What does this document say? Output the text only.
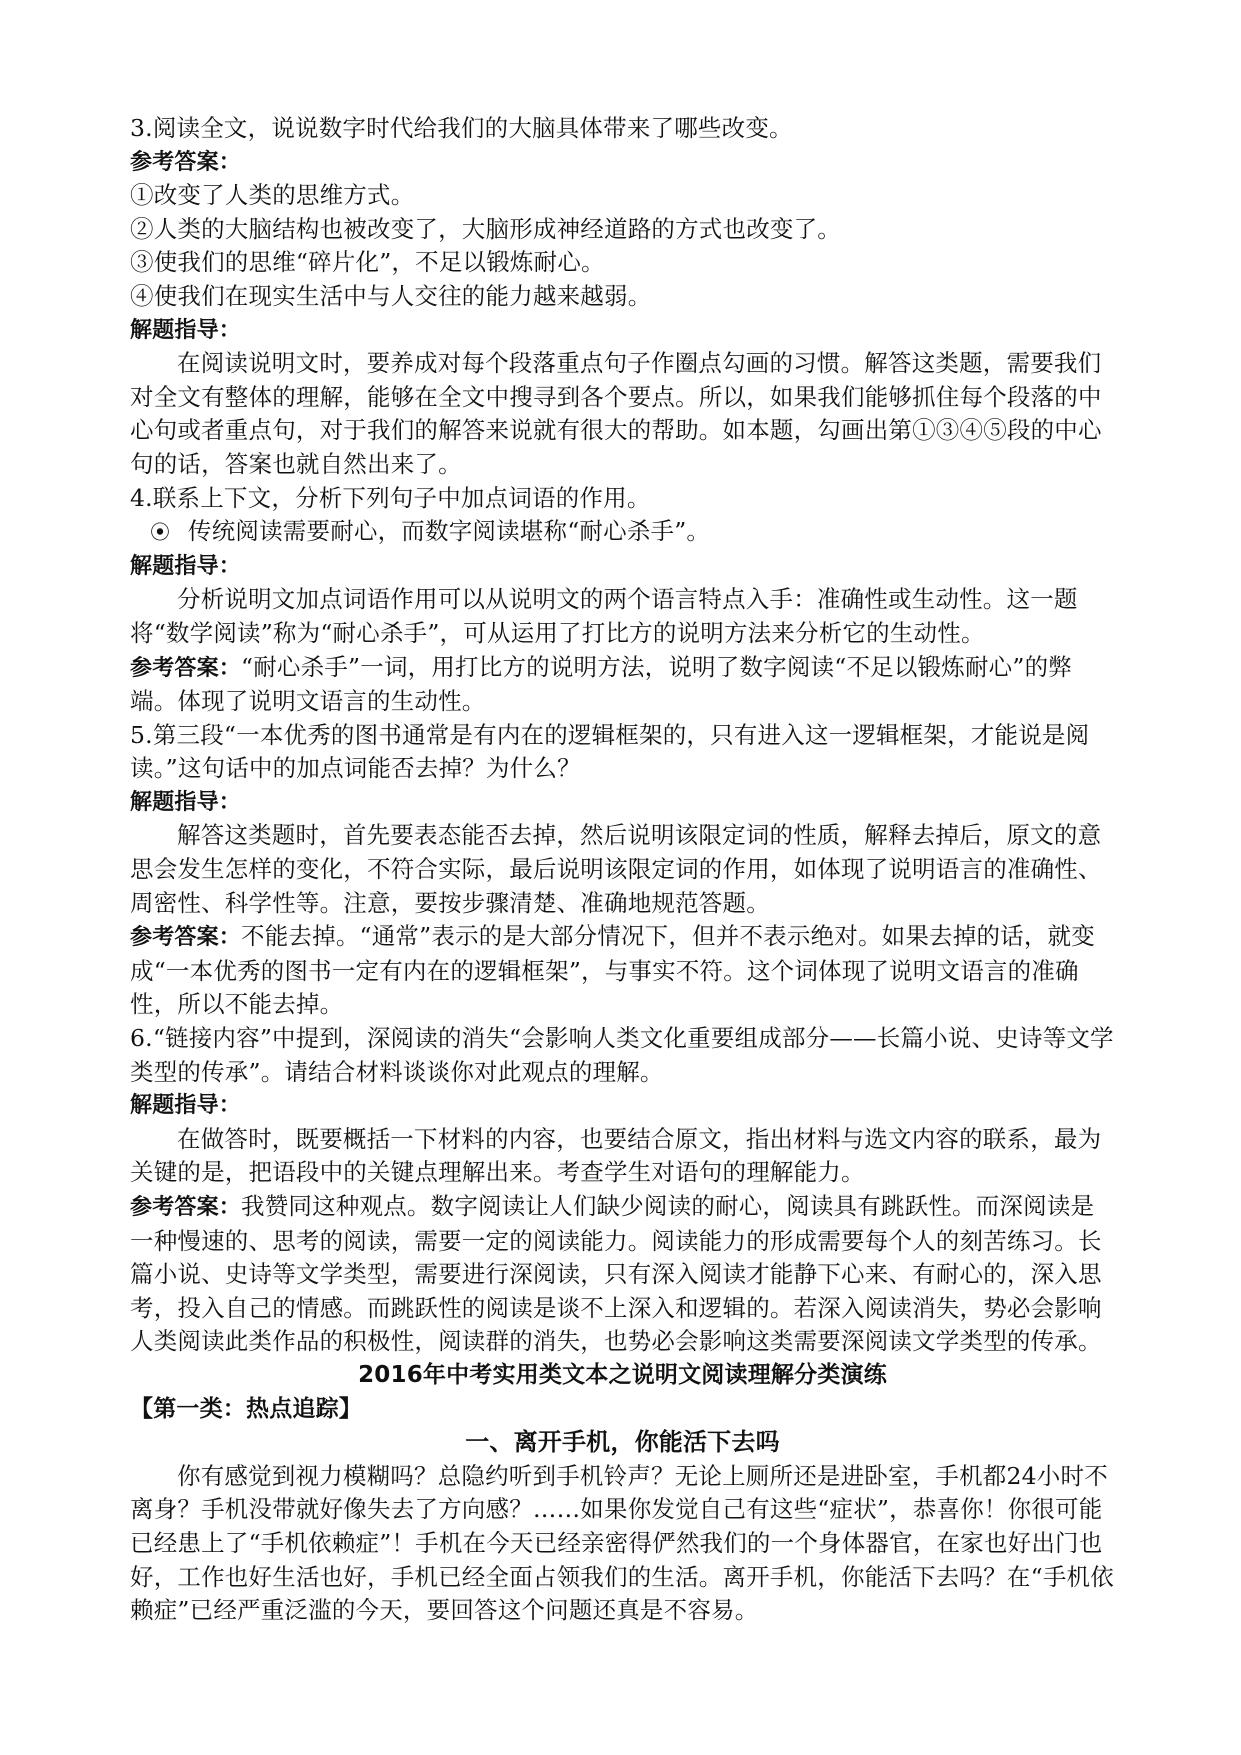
3.阅读全文，说说数字时代给我们的大脑具体带来了哪些改变。
参考答案：
①改变了人类的思维方式。
②人类的大脑结构也被改变了，大脑形成神经道路的方式也改变了。
③使我们的思维“碎片化”，不足以锻炼耐心。
④使我们在现实生活中与人交往的能力越来越弱。
解题指导：
在阅读说明文时，要养成对每个段落重点句子作圈点勾画的习惯。解答这类题，需要我们对全文有整体的理解，能够在全文中搜寻到各个要点。所以，如果我们能够抓住每个段落的中心句或者重点句，对于我们的解答来说就有很大的帮助。如本题，勾画出第①③④⑤段的中心句的话，答案也就自然出来了。
4.联系上下文，分析下列句子中加点词语的作用。
⦿ 传统阅读需要耐心，而数字阅读堪称“耐心杀手”。
解题指导：
分析说明文加点词语作用可以从说明文的两个语言特点入手：准确性或生动性。这一题将“数学阅读”称为“耐心杀手”，可从运用了打比方的说明方法来分析它的生动性。
参考答案：“耐心杀手”一词，用打比方的说明方法，说明了数字阅读“不足以锻炼耐心”的弊端。体现了说明文语言的生动性。
5.第三段“一本优秀的图书通常是有内在的逻辑框架的，只有进入这一逻辑框架，才能说是阅读。”这句话中的加点词能否去掉？为什么？
解题指导：
解答这类题时，首先要表态能否去掉，然后说明该限定词的性质，解释去掉后，原文的意思会发生怎样的变化，不符合实际，最后说明该限定词的作用，如体现了说明语言的准确性、周密性、科学性等。注意，要按步骤清楚、准确地规范答题。
参考答案：不能去掉。“通常”表示的是大部分情况下，但并不表示绝对。如果去掉的话，就变成“一本优秀的图书一定有内在的逻辑框架”，与事实不符。这个词体现了说明文语言的准确性，所以不能去掉。
6.“链接内容”中提到，深阅读的消失“会影响人类文化重要组成部分——长篇小说、史诗等文学类型的传承”。请结合材料谈谈你对此观点的理解。
解题指导：
在做答时，既要概括一下材料的内容，也要结合原文，指出材料与选文内容的联系，最为关键的是，把语段中的关键点理解出来。考查学生对语句的理解能力。
参考答案：我赞同这种观点。数字阅读让人们缺少阅读的耐心，阅读具有跳跃性。而深阅读是一种慢速的、思考的阅读，需要一定的阅读能力。阅读能力的形成需要每个人的刻苦练习。长篇小说、史诗等文学类型，需要进行深阅读，只有深入阅读才能静下心来、有耐心的，深入思考，投入自己的情感。而跳跃性的阅读是谈不上深入和逻辑的。若深入阅读消失，势必会影响人类阅读此类作品的积极性，阅读群的消失，也势必会影响这类需要深阅读文学类型的传承。
2016年中考实用类文本之说明文阅读理解分类演练
【第一类：热点追踪】
一、离开手机，你能活下去吗
你有感觉到视力模糊吗？总隐约听到手机铃声？无论上厕所还是进卧室，手机都24小时不离身？手机没带就好像失去了方向感？……如果你发觉自己有这些“症状”，恭喜你！你很可能已经患上了“手机依赖症”！手机在今天已经亲密得俨然我们的一个身体器官，在家也好出门也好，工作也好生活也好，手机已经全面占领我们的生活。离开手机，你能活下去吗？在“手机依赖症”已经严重泛滥的今天，要回答这个问题还真是不容易。
